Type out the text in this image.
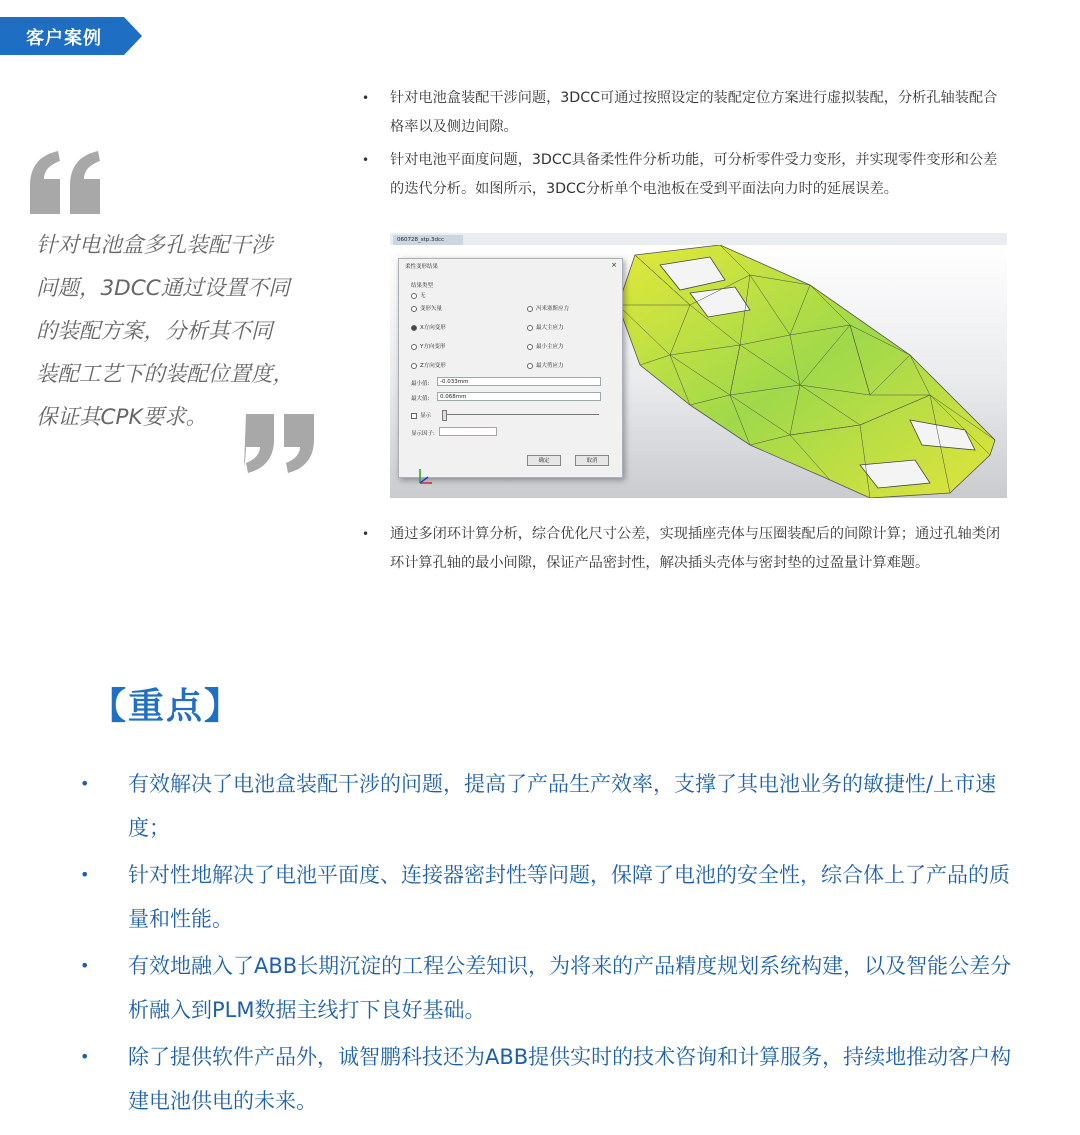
客户案例

针对电池盒多孔装配干涉
问题，3DCC通过设置不同
的装配方案，分析其不同
装配工艺下的装配位置度，
保证其CPK要求。

• 针对电池盒装配干涉问题，3DCC可通过按照设定的装配定位方案进行虚拟装配，分析孔轴装配合格率以及侧边间隙。
• 针对电池平面度问题，3DCC具备柔性件分析功能，可分析零件受力变形，并实现零件变形和公差的迭代分析。如图所示，3DCC分析单个电池板在受到平面法向力时的延展误差。
060728_stp.3dcc
柔性变形结果	×
结果类型
无
变形矢量
X方向变形
Y方向变形
Z方向变形
冯米塞斯应力
最大主应力
最小主应力
最大剪应力
最小值:	-0.033mm
最大值:	0.068mm
显示
显示因子:
确定	取消
• 通过多闭环计算分析，综合优化尺寸公差，实现插座壳体与压圈装配后的间隙计算；通过孔轴类闭环计算孔轴的最小间隙，保证产品密封性，解决插头壳体与密封垫的过盈量计算难题。
【重点】
• 有效解决了电池盒装配干涉的问题，提高了产品生产效率，支撑了其电池业务的敏捷性/上市速度；
• 针对性地解决了电池平面度、连接器密封性等问题，保障了电池的安全性，综合体上了产品的质量和性能。
• 有效地融入了ABB长期沉淀的工程公差知识，为将来的产品精度规划系统构建，以及智能公差分析融入到PLM数据主线打下良好基础。
• 除了提供软件产品外，诚智鹏科技还为ABB提供实时的技术咨询和计算服务，持续地推动客户构建电池供电的未来。
